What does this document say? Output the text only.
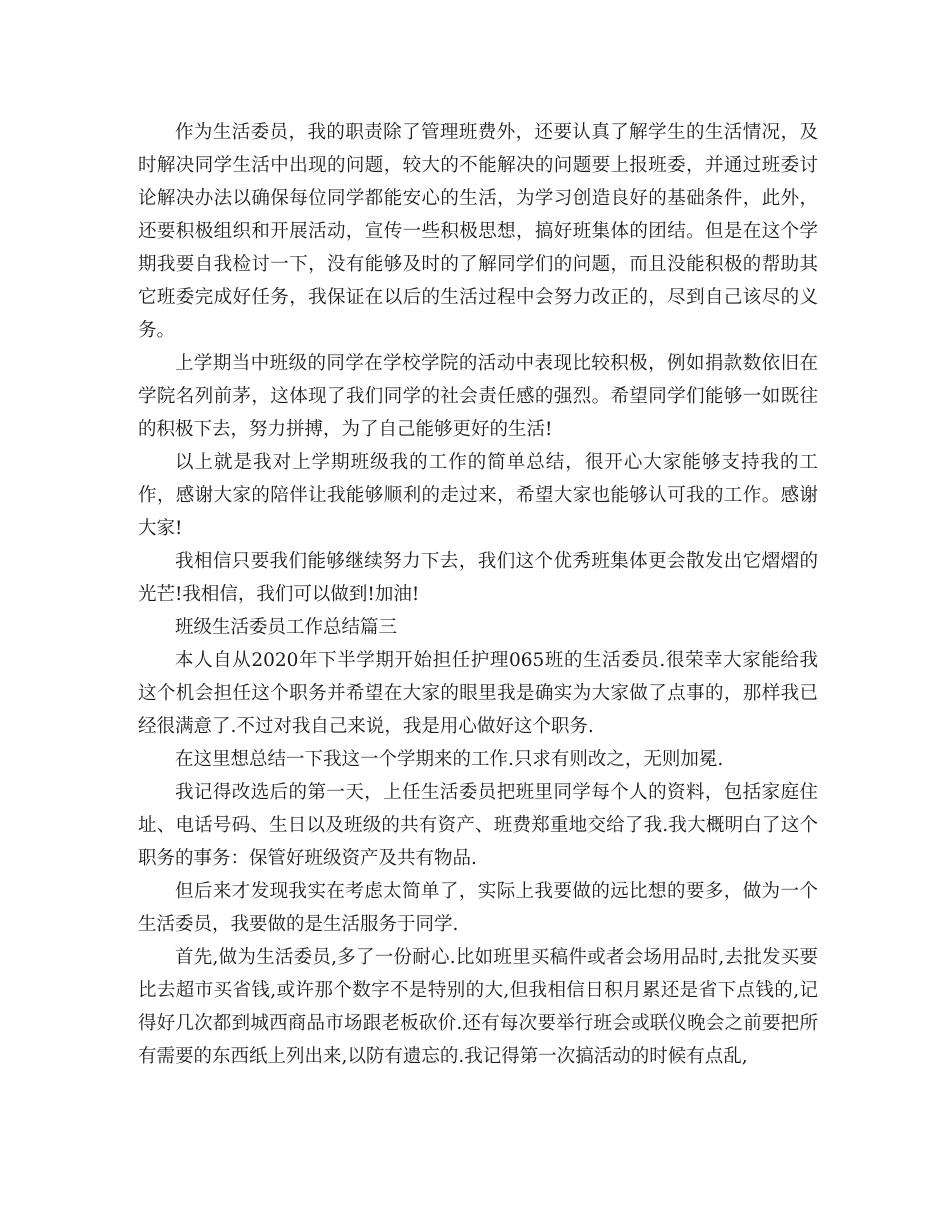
作为生活委员，我的职责除了管理班费外，还要认真了解学生的生活情况，及时解决同学生活中出现的问题，较大的不能解决的问题要上报班委，并通过班委讨论解决办法以确保每位同学都能安心的生活，为学习创造良好的基础条件，此外，还要积极组织和开展活动，宣传一些积极思想，搞好班集体的团结。但是在这个学期我要自我检讨一下，没有能够及时的了解同学们的问题，而且没能积极的帮助其它班委完成好任务，我保证在以后的生活过程中会努力改正的，尽到自己该尽的义务。

上学期当中班级的同学在学校学院的活动中表现比较积极，例如捐款数依旧在学院名列前茅，这体现了我们同学的社会责任感的强烈。希望同学们能够一如既往的积极下去，努力拼搏，为了自己能够更好的生活!

以上就是我对上学期班级我的工作的简单总结，很开心大家能够支持我的工作，感谢大家的陪伴让我能够顺利的走过来，希望大家也能够认可我的工作。感谢大家!

我相信只要我们能够继续努力下去，我们这个优秀班集体更会散发出它熠熠的光芒!我相信，我们可以做到!加油!

班级生活委员工作总结篇三

本人自从2020年下半学期开始担任护理065班的生活委员.很荣幸大家能给我这个机会担任这个职务并希望在大家的眼里我是确实为大家做了点事的，那样我已经很满意了.不过对我自己来说，我是用心做好这个职务.

在这里想总结一下我这一个学期来的工作.只求有则改之，无则加冕.

我记得改选后的第一天，上任生活委员把班里同学每个人的资料，包括家庭住址、电话号码、生日以及班级的共有资产、班费郑重地交给了我.我大概明白了这个职务的事务：保管好班级资产及共有物品.

但后来才发现我实在考虑太简单了，实际上我要做的远比想的要多，做为一个生活委员，我要做的是生活服务于同学.

首先,做为生活委员,多了一份耐心.比如班里买稿件或者会场用品时,去批发买要比去超市买省钱,或许那个数字不是特别的大,但我相信日积月累还是省下点钱的,记得好几次都到城西商品市场跟老板砍价.还有每次要举行班会或联仪晚会之前要把所有需要的东西纸上列出来,以防有遗忘的.我记得第一次搞活动的时候有点乱,
